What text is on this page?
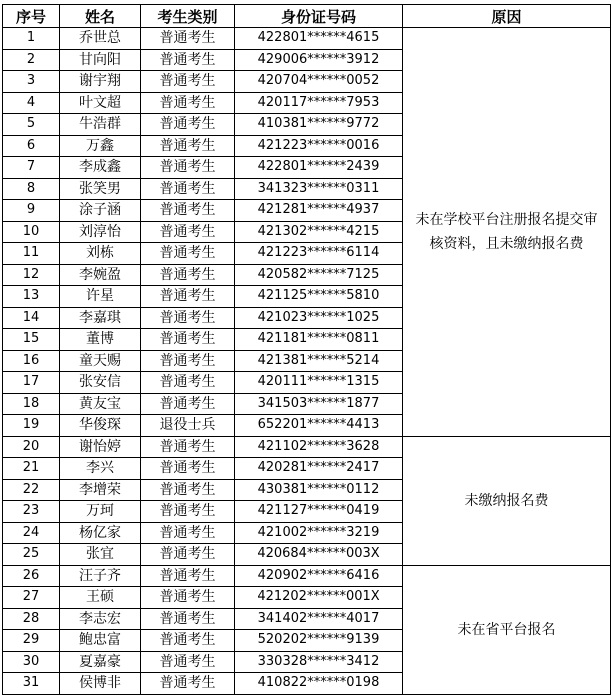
序号	姓名	考生类别	身份证号码	原因
1	乔世总	普通考生	422801******4615	未在学校平台注册报名提交审核资料，且未缴纳报名费
2	甘向阳	普通考生	429006******3912	
3	谢宇翔	普通考生	420704******0052	
4	叶文超	普通考生	420117******7953	
5	牛浩群	普通考生	410381******9772	
6	万鑫	普通考生	421223******0016	
7	李成鑫	普通考生	422801******2439	
8	张笑男	普通考生	341323******0311	
9	涂子涵	普通考生	421281******4937	
10	刘淳怡	普通考生	421302******4215	
11	刘栋	普通考生	421223******6114	
12	李婉盈	普通考生	420582******7125	
13	许星	普通考生	421125******5810	
14	李嘉琪	普通考生	421023******1025	
15	董博	普通考生	421181******0811	
16	童天赐	普通考生	421381******5214	
17	张安信	普通考生	420111******1315	
18	黄友宝	普通考生	341503******1877	
19	华俊琛	退役士兵	652201******4413	
20	谢怡婷	普通考生	421102******3628	未缴纳报名费
21	李兴	普通考生	420281******2417	
22	李增荣	普通考生	430381******0112	
23	万珂	普通考生	421127******0419	
24	杨亿家	普通考生	421002******3219	
25	张宜	普通考生	420684******003X	
26	汪子齐	普通考生	420902******6416	未在省平台报名
27	王硕	普通考生	421202******001X	
28	李志宏	普通考生	341402******4017	
29	鲍忠富	普通考生	520202******9139	
30	夏嘉豪	普通考生	330328******3412	
31	侯博非	普通考生	410822******0198	
